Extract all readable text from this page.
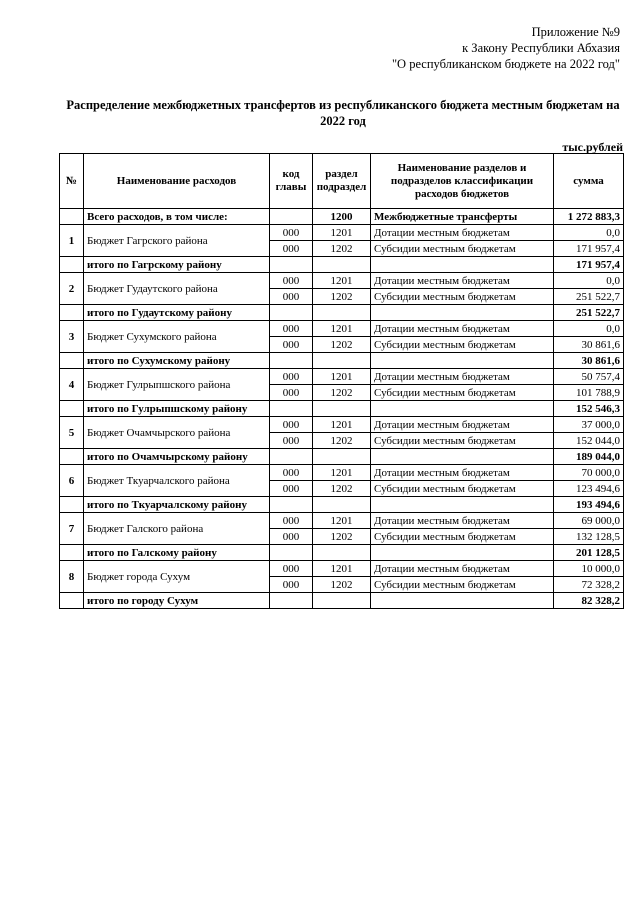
Приложение №9
к Закону Республики Абхазия
"О республиканском бюджете на 2022 год"
Распределение межбюджетных трансфертов из республиканского бюджета местным бюджетам на 2022 год
тыс.рублей
№	Наименование расходов	код главы	раздел подраздел	Наименование разделов и подразделов классификации расходов бюджетов	сумма
	Всего расходов, в том числе:		1200	Межбюджетные трансферты	1 272 883,3
1	Бюджет Гагрского района	000	1201	Дотации местным бюджетам	0,0
		000	1202	Субсидии местным бюджетам	171 957,4
	итого по Гагрскому району				171 957,4
2	Бюджет Гудаутского района	000	1201	Дотации местным бюджетам	0,0
		000	1202	Субсидии местным бюджетам	251 522,7
	итого по Гудаутскому району				251 522,7
3	Бюджет Сухумского района	000	1201	Дотации местным бюджетам	0,0
		000	1202	Субсидии местным бюджетам	30 861,6
	итого по Сухумскому району				30 861,6
4	Бюджет Гулрыпшского района	000	1201	Дотации местным бюджетам	50 757,4
		000	1202	Субсидии местным бюджетам	101 788,9
	итого по Гулрыпшскому району				152 546,3
5	Бюджет Очамчырского района	000	1201	Дотации местным бюджетам	37 000,0
		000	1202	Субсидии местным бюджетам	152 044,0
	итого по Очамчырскому району				189 044,0
6	Бюджет Ткуарчалского района	000	1201	Дотации местным бюджетам	70 000,0
		000	1202	Субсидии местным бюджетам	123 494,6
	итого по Ткуарчалскому району				193 494,6
7	Бюджет Галского района	000	1201	Дотации местным бюджетам	69 000,0
		000	1202	Субсидии местным бюджетам	132 128,5
	итого по Галскому району				201 128,5
8	Бюджет города Сухум	000	1201	Дотации местным бюджетам	10 000,0
		000	1202	Субсидии местным бюджетам	72 328,2
	итого по городу Сухум				82 328,2
